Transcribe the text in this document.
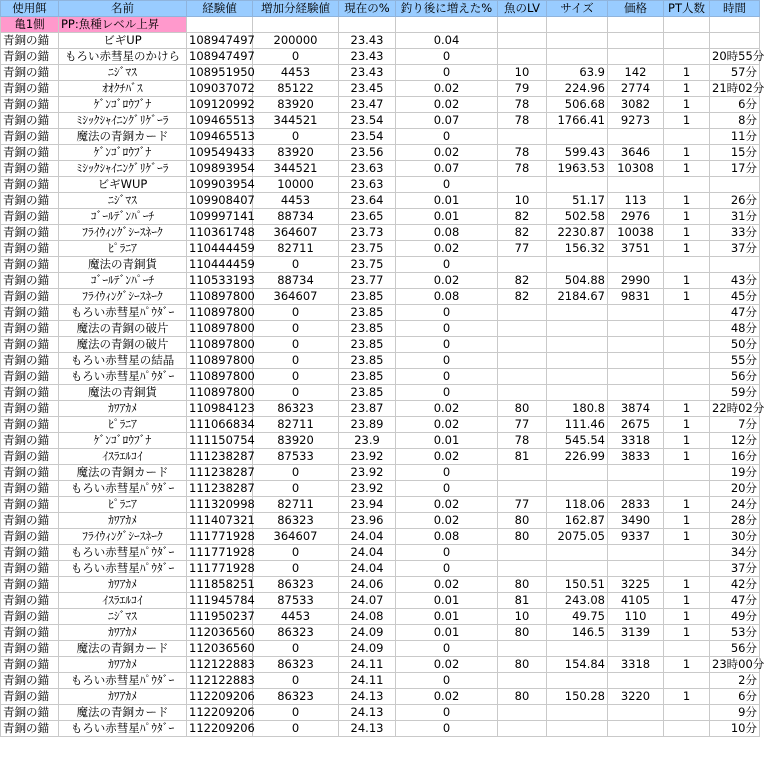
使用餌	名前	経験値	増加分経験値	現在の%	釣り後に増えた%	魚のLV	サイズ	価格	PT人数	時間
亀1側	PP:魚種レベル上昇									
青銅の錨	ビギUP	108947497	200000	23.43	0.04					
青銅の錨	もろい赤彗星のかけら	108947497	0	23.43	0					20時55分
青銅の錨	ﾆｼﾞﾏｽ	108951950	4453	23.43	0	10	63.9	142	1	57分
青銅の錨	ｵｵｸﾁﾊﾞｽ	109037072	85122	23.45	0.02	79	224.96	2774	1	21時02分
青銅の錨	ｹﾞﾝｺﾞﾛｳﾌﾞﾅ	109120992	83920	23.47	0.02	78	506.68	3082	1	6分
青銅の錨	ﾐｼｯｸｼｬｲﾆﾝｸﾞﾘｹﾞｰﾗ	109465513	344521	23.54	0.07	78	1766.41	9273	1	8分
青銅の錨	魔法の青銅カード	109465513	0	23.54	0					11分
青銅の錨	ｹﾞﾝｺﾞﾛｳﾌﾞﾅ	109549433	83920	23.56	0.02	78	599.43	3646	1	15分
青銅の錨	ﾐｼｯｸｼｬｲﾆﾝｸﾞﾘｹﾞｰﾗ	109893954	344521	23.63	0.07	78	1963.53	10308	1	17分
青銅の錨	ビギWUP	109903954	10000	23.63	0					
青銅の錨	ﾆｼﾞﾏｽ	109908407	4453	23.64	0.01	10	51.17	113	1	26分
青銅の錨	ｺﾞｰﾙﾃﾞﾝﾊﾟｰﾁ	109997141	88734	23.65	0.01	82	502.58	2976	1	31分
青銅の錨	ﾌﾗｲｳｨﾝｸﾞｼｰｽﾈｰｸ	110361748	364607	23.73	0.08	82	2230.87	10038	1	33分
青銅の錨	ﾋﾟﾗﾆｱ	110444459	82711	23.75	0.02	77	156.32	3751	1	37分
青銅の錨	魔法の青銅貨	110444459	0	23.75	0					
青銅の錨	ｺﾞｰﾙﾃﾞﾝﾊﾟｰﾁ	110533193	88734	23.77	0.02	82	504.88	2990	1	43分
青銅の錨	ﾌﾗｲｳｨﾝｸﾞｼｰｽﾈｰｸ	110897800	364607	23.85	0.08	82	2184.67	9831	1	45分
青銅の錨	もろい赤彗星ﾊﾟｳﾀﾞｰ	110897800	0	23.85	0					47分
青銅の錨	魔法の青銅の破片	110897800	0	23.85	0					48分
青銅の錨	魔法の青銅の破片	110897800	0	23.85	0					50分
青銅の錨	もろい赤彗星の結晶	110897800	0	23.85	0					55分
青銅の錨	もろい赤彗星ﾊﾟｳﾀﾞｰ	110897800	0	23.85	0					56分
青銅の錨	魔法の青銅貨	110897800	0	23.85	0					59分
青銅の錨	ｶﾜｱｶﾒ	110984123	86323	23.87	0.02	80	180.8	3874	1	22時02分
青銅の錨	ﾋﾟﾗﾆｱ	111066834	82711	23.89	0.02	77	111.46	2675	1	7分
青銅の錨	ｹﾞﾝｺﾞﾛｳﾌﾞﾅ	111150754	83920	23.9	0.01	78	545.54	3318	1	12分
青銅の錨	ｲｽﾗｴﾙｺｲ	111238287	87533	23.92	0.02	81	226.99	3833	1	16分
青銅の錨	魔法の青銅カード	111238287	0	23.92	0					19分
青銅の錨	もろい赤彗星ﾊﾟｳﾀﾞｰ	111238287	0	23.92	0					20分
青銅の錨	ﾋﾟﾗﾆｱ	111320998	82711	23.94	0.02	77	118.06	2833	1	24分
青銅の錨	ｶﾜｱｶﾒ	111407321	86323	23.96	0.02	80	162.87	3490	1	28分
青銅の錨	ﾌﾗｲｳｨﾝｸﾞｼｰｽﾈｰｸ	111771928	364607	24.04	0.08	80	2075.05	9337	1	30分
青銅の錨	もろい赤彗星ﾊﾟｳﾀﾞｰ	111771928	0	24.04	0					34分
青銅の錨	もろい赤彗星ﾊﾟｳﾀﾞｰ	111771928	0	24.04	0					37分
青銅の錨	ｶﾜｱｶﾒ	111858251	86323	24.06	0.02	80	150.51	3225	1	42分
青銅の錨	ｲｽﾗｴﾙｺｲ	111945784	87533	24.07	0.01	81	243.08	4105	1	47分
青銅の錨	ﾆｼﾞﾏｽ	111950237	4453	24.08	0.01	10	49.75	110	1	49分
青銅の錨	ｶﾜｱｶﾒ	112036560	86323	24.09	0.01	80	146.5	3139	1	53分
青銅の錨	魔法の青銅カード	112036560	0	24.09	0					56分
青銅の錨	ｶﾜｱｶﾒ	112122883	86323	24.11	0.02	80	154.84	3318	1	23時00分
青銅の錨	もろい赤彗星ﾊﾟｳﾀﾞｰ	112122883	0	24.11	0					2分
青銅の錨	ｶﾜｱｶﾒ	112209206	86323	24.13	0.02	80	150.28	3220	1	6分
青銅の錨	魔法の青銅カード	112209206	0	24.13	0					9分
青銅の錨	もろい赤彗星ﾊﾟｳﾀﾞｰ	112209206	0	24.13	0					10分
